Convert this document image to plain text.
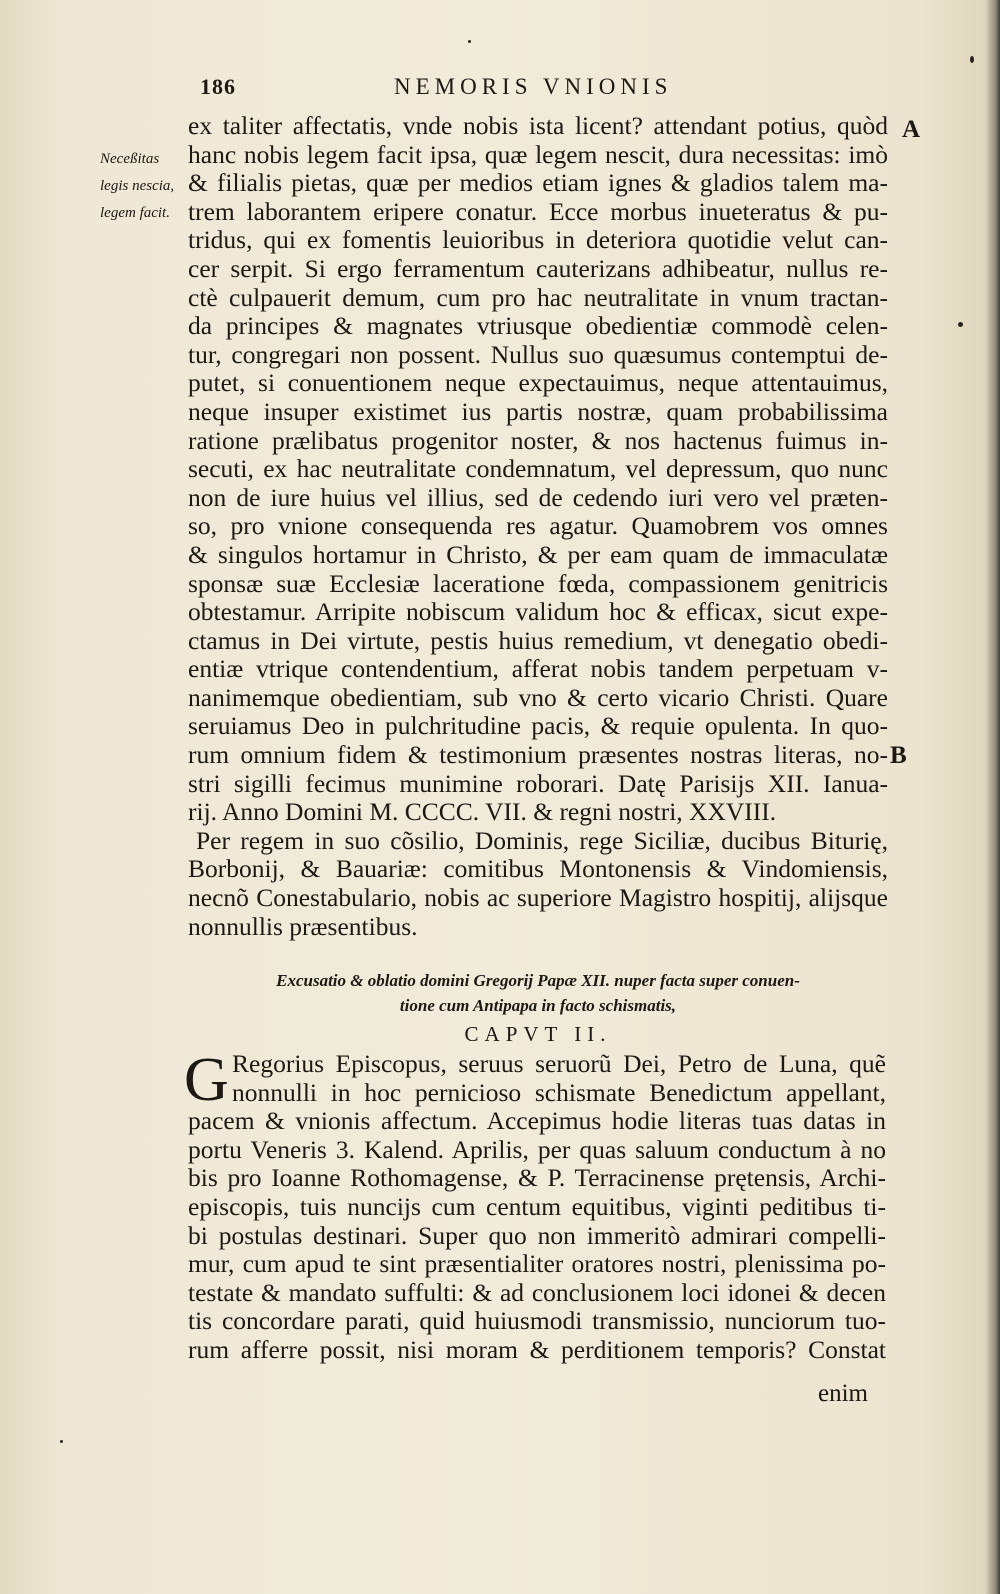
186	NEMORIS VNIONIS
Neceßitas
legis nescia,
legem facit.
A
B
ex taliter affectatis, vnde nobis ista licent? attendant potius, quòd
hanc nobis legem facit ipsa, quæ legem nescit, dura necessitas: imò
& filialis pietas, quæ per medios etiam ignes & gladios talem ma-
trem laborantem eripere conatur. Ecce morbus inueteratus & pu-
tridus, qui ex fomentis leuioribus in deteriora quotidie velut can-
cer serpit. Si ergo ferramentum cauterizans adhibeatur, nullus re-
ctè culpauerit demum, cum pro hac neutralitate in vnum tractan-
da principes & magnates vtriusque obedientiæ commodè celen-
tur, congregari non possent. Nullus suo quæsumus contemptui de-
putet, si conuentionem neque expectauimus, neque attentauimus,
neque insuper existimet ius partis nostræ, quam probabilissima
ratione prælibatus progenitor noster, & nos hactenus fuimus in-
secuti, ex hac neutralitate condemnatum, vel depressum, quo nunc
non de iure huius vel illius, sed de cedendo iuri vero vel præten-
so, pro vnione consequenda res agatur. Quamobrem vos omnes
& singulos hortamur in Christo, & per eam quam de immaculatæ
sponsæ suæ Ecclesiæ laceratione fœda, compassionem genitricis
obtestamur. Arripite nobiscum validum hoc & efficax, sicut expe-
ctamus in Dei virtute, pestis huius remedium, vt denegatio obedi-
entiæ vtrique contendentium, afferat nobis tandem perpetuam v-
nanimemque obedientiam, sub vno & certo vicario Christi. Quare
seruiamus Deo in pulchritudine pacis, & requie opulenta. In quo-
rum omnium fidem & testimonium præsentes nostras literas, no-
stri sigilli fecimus munimine roborari. Datę Parisijs XII. Ianua-
rij. Anno Domini M. CCCC. VII. & regni nostri, XXVIII.
Per regem in suo cõsilio, Dominis, rege Siciliæ, ducibus Biturię,
Borbonij, & Bauariæ: comitibus Montonensis & Vindomiensis,
necnõ Conestabulario, nobis ac superiore Magistro hospitij, alijsque
nonnullis præsentibus.
Excusatio & oblatio domini Gregorij Papæ XII. nuper facta super conuen-
tione cum Antipapa in facto schismatis,
CAPVT II.
G Regorius Episcopus, seruus seruorũ Dei, Petro de Luna, quẽ
nonnulli in hoc pernicioso schismate Benedictum appellant,
pacem & vnionis affectum. Accepimus hodie literas tuas datas in
portu Veneris 3. Kalend. Aprilis, per quas saluum conductum à no
bis pro Ioanne Rothomagense, & P. Terracinense prętensis, Archi-
episcopis, tuis nuncijs cum centum equitibus, viginti peditibus ti-
bi postulas destinari. Super quo non immeritò admirari compelli-
mur, cum apud te sint præsentialiter oratores nostri, plenissima po-
testate & mandato suffulti: & ad conclusionem loci idonei & decen
tis concordare parati, quid huiusmodi transmissio, nunciorum tuo-
rum afferre possit, nisi moram & perditionem temporis? Constat
enim
